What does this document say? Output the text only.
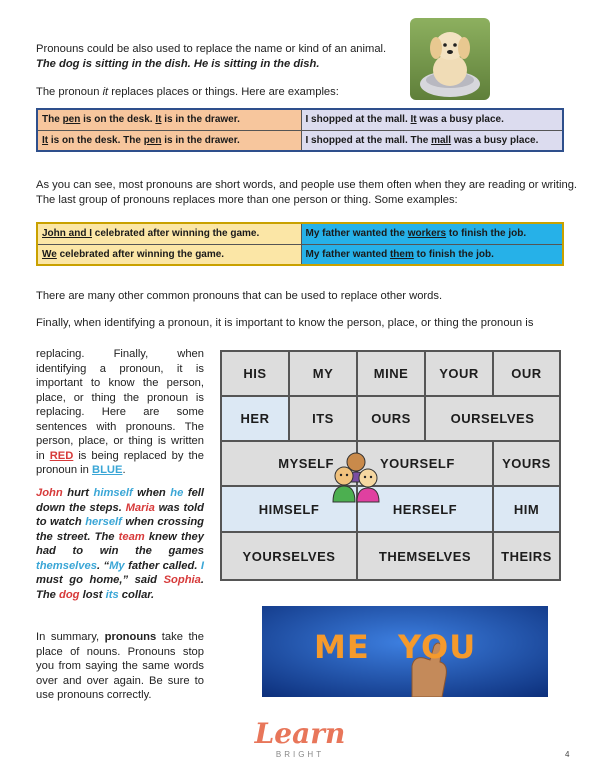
Pronouns could be also used to replace the name or kind of an animal.
The dog is sitting in the dish. He is sitting in the dish.
The pronoun it replaces places or things. Here are examples:
The pen is on the desk. It is in the drawer.	I shopped at the mall. It was a busy place.
It is on the desk. The pen is in the drawer.	I shopped at the mall. The mall was a busy place.
As you can see, most pronouns are short words, and people use them often when they are reading or writing.
The last group of pronouns replaces more than one person or thing. Some examples:
John and I celebrated after winning the game.	My father wanted the workers to finish the job.
We celebrated after winning the game.	My father wanted them to finish the job.
There are many other common pronouns that can be used to replace other words.
Finally, when identifying a pronoun, it is important to know the person, place, or thing the pronoun is
replacing. Finally, when identifying a pronoun, it is important to know the person, place, or thing the pronoun is replacing. Here are some sentences with pronouns. The person, place, or thing is written in RED is being replaced by the pronoun in BLUE.
John hurt himself when he fell down the steps. Maria was told to watch herself when crossing the street. The team knew they had to win the games themselves. “My father called. I must go home,” said Sophia. The dog lost its collar.
In summary, pronouns take the place of nouns. Pronouns stop you from saying the same words over and over again. Be sure to use pronouns correctly.
HIS	MY	MINE	YOUR	OUR
HER	ITS	OURS	OURSELVES
MYSELF	YOURSELF	YOURS
HIMSELF	HERSELF	HIM
YOURSELVES	THEMSELVES	THEIRS
ME YOU
Learn
BRIGHT	4
